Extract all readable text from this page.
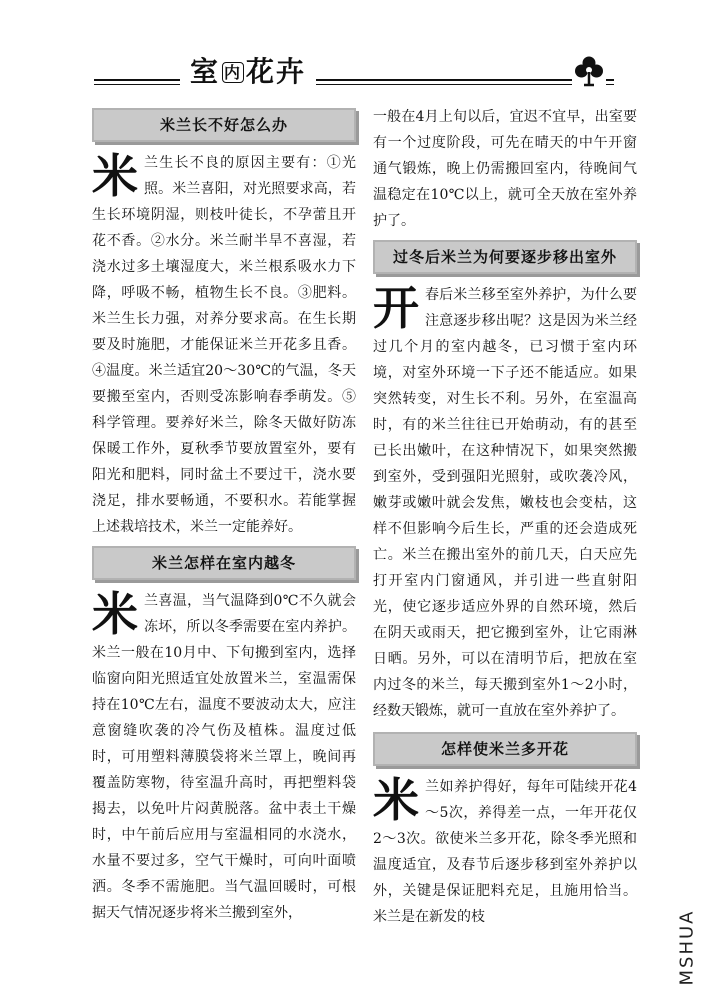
室内 花卉
米兰长不好怎么办

米兰生长不良的原因主要有：①光照。米兰喜阳，对光照要求高，若生长环境阴湿，则枝叶徒长，不孕蕾且开花不香。②水分。米兰耐半旱不喜湿，若浇水过多土壤湿度大，米兰根系吸水力下降，呼吸不畅，植物生长不良。③肥料。米兰生长力强，对养分要求高。在生长期要及时施肥，才能保证米兰开花多且香。④温度。米兰适宜20～30℃的气温，冬天要搬至室内，否则受冻影响春季萌发。⑤科学管理。要养好米兰，除冬天做好防冻保暖工作外，夏秋季节要放置室外，要有阳光和肥料，同时盆土不要过干，浇水要浇足，排水要畅通，不要积水。若能掌握上述栽培技术，米兰一定能养好。

米兰怎样在室内越冬

米兰喜温，当气温降到0℃不久就会冻坏，所以冬季需要在室内养护。米兰一般在10月中、下旬搬到室内，选择临窗向阳光照适宜处放置米兰，室温需保持在10℃左右，温度不要波动太大，应注意窗缝吹袭的冷气伤及植株。温度过低时，可用塑料薄膜袋将米兰罩上，晚间再覆盖防寒物，待室温升高时，再把塑料袋揭去，以免叶片闷黄脱落。盆中表土干燥时，中午前后应用与室温相同的水浇水，水量不要过多，空气干燥时，可向叶面喷洒。冬季不需施肥。当气温回暖时，可根据天气情况逐步将米兰搬到室外，

一般在4月上旬以后，宜迟不宜早，出室要有一个过度阶段，可先在晴天的中午开窗通气锻炼，晚上仍需搬回室内，待晚间气温稳定在10℃以上，就可全天放在室外养护了。

过冬后米兰为何要逐步移出室外

开春后米兰移至室外养护，为什么要注意逐步移出呢？这是因为米兰经过几个月的室内越冬，已习惯于室内环境，对室外环境一下子还不能适应。如果突然转变，对生长不利。另外，在室温高时，有的米兰往往已开始萌动，有的甚至已长出嫩叶，在这种情况下，如果突然搬到室外，受到强阳光照射，或吹袭冷风，嫩芽或嫩叶就会发焦，嫩枝也会变枯，这样不但影响今后生长，严重的还会造成死亡。米兰在搬出室外的前几天，白天应先打开室内门窗通风，并引进一些直射阳光，使它逐步适应外界的自然环境，然后在阴天或雨天，把它搬到室外，让它雨淋日晒。另外，可以在清明节后，把放在室内过冬的米兰，每天搬到室外1～2小时，经数天锻炼，就可一直放在室外养护了。

怎样使米兰多开花

米兰如养护得好，每年可陆续开花4～5次，养得差一点，一年开花仅2～3次。欲使米兰多开花，除冬季光照和温度适宜，及春节后逐步移到室外养护以外，关键是保证肥料充足，且施用恰当。米兰是在新发的枝	MSHUA
